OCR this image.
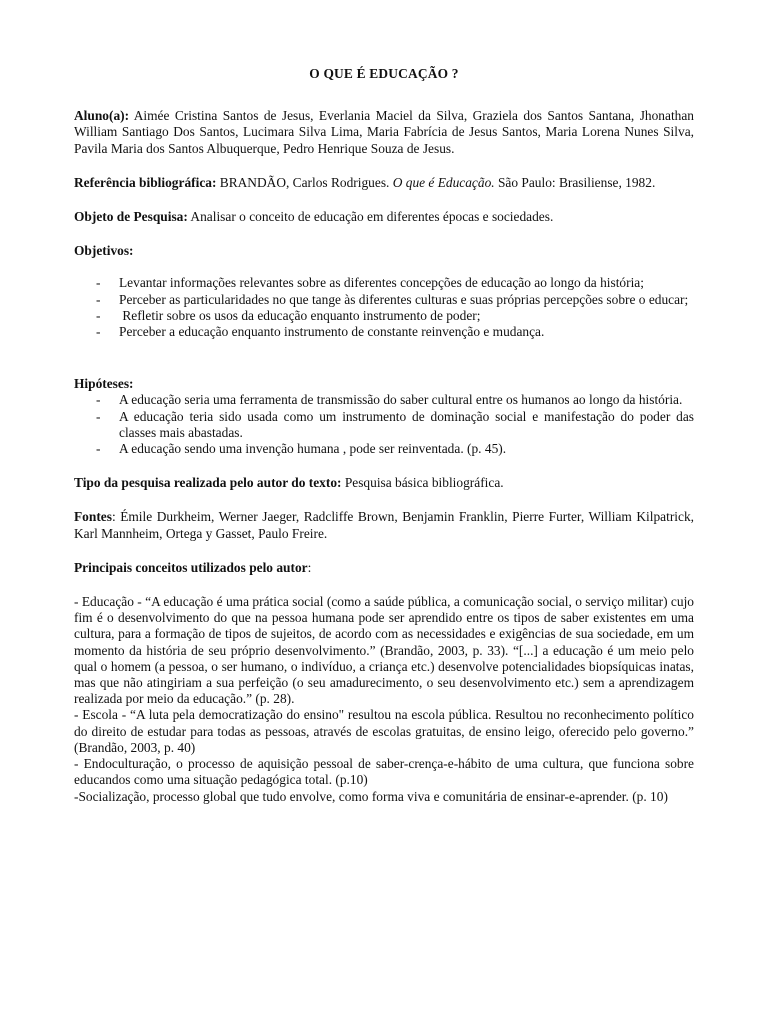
O QUE É EDUCAÇÃO ?

Aluno(a): Aimée Cristina Santos de Jesus, Everlania Maciel da Silva, Graziela dos Santos Santana, Jhonathan William Santiago Dos Santos, Lucimara Silva Lima, Maria Fabrícia de Jesus Santos, Maria Lorena Nunes Silva, Pavila Maria dos Santos Albuquerque, Pedro Henrique Souza de Jesus.

Referência bibliográfica: BRANDÃO, Carlos Rodrigues. O que é Educação. São Paulo: Brasiliense, 1982.

Objeto de Pesquisa: Analisar o conceito de educação em diferentes épocas e sociedades.

Objetivos:

- Levantar informações relevantes sobre as diferentes concepções de educação ao longo da história;
- Perceber as particularidades no que tange às diferentes culturas e suas próprias percepções sobre o educar;
- Refletir sobre os usos da educação enquanto instrumento de poder;
- Perceber a educação enquanto instrumento de constante reinvenção e mudança.

Hipóteses:

- A educação seria uma ferramenta de transmissão do saber cultural entre os humanos ao longo da história.
- A educação teria sido usada como um instrumento de dominação social e manifestação do poder das classes mais abastadas.
- A educação sendo uma invenção humana , pode ser reinventada. (p. 45).

Tipo da pesquisa realizada pelo autor do texto: Pesquisa básica bibliográfica.

Fontes: Émile Durkheim, Werner Jaeger, Radcliffe Brown, Benjamin Franklin, Pierre Furter, William Kilpatrick, Karl Mannheim, Ortega y Gasset, Paulo Freire.

Principais conceitos utilizados pelo autor:

- Educação - “A educação é uma prática social (como a saúde pública, a comunicação social, o serviço militar) cujo fim é o desenvolvimento do que na pessoa humana pode ser aprendido entre os tipos de saber existentes em uma cultura, para a formação de tipos de sujeitos, de acordo com as necessidades e exigências de sua sociedade, em um momento da história de seu próprio desenvolvimento.” (Brandão, 2003, p. 33). “[...] a educação é um meio pelo qual o homem (a pessoa, o ser humano, o indivíduo, a criança etc.) desenvolve potencialidades biopsíquicas inatas, mas que não atingiriam a sua perfeição (o seu amadurecimento, o seu desenvolvimento etc.) sem a aprendizagem realizada por meio da educação.” (p. 28).

- Escola - “A luta pela democratização do ensino" resultou na escola pública. Resultou no reconhecimento político do direito de estudar para todas as pessoas, através de escolas gratuitas, de ensino leigo, oferecido pelo governo.” (Brandão, 2003, p. 40)

- Endoculturação, o processo de aquisição pessoal de saber-crença-e-hábito de uma cultura, que funciona sobre educandos como uma situação pedagógica total. (p.10)

-Socialização, processo global que tudo envolve, como forma viva e comunitária de ensinar-e-aprender. (p. 10)
